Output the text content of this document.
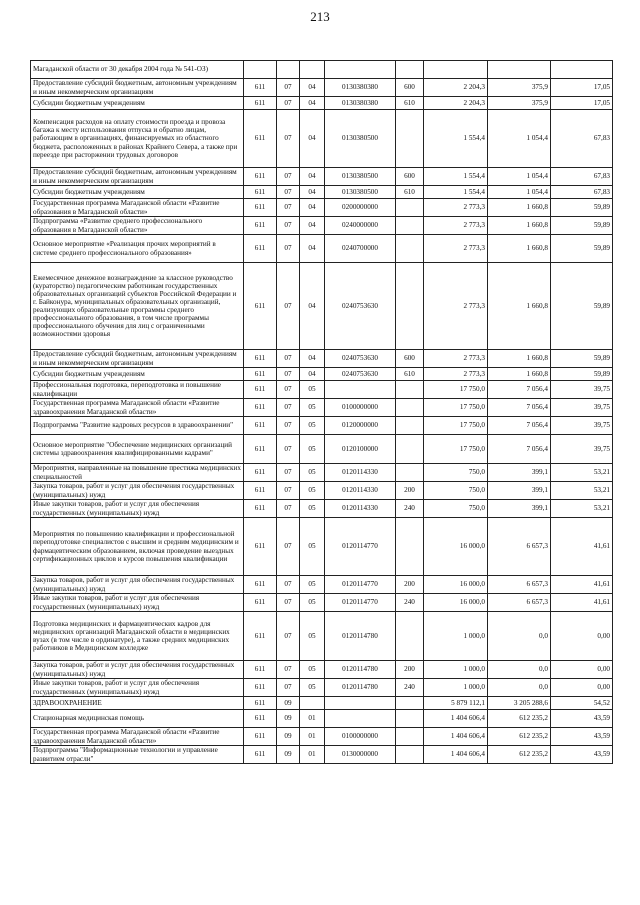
213
Магаданской области от 30 декабря 2004 года № 541-ОЗ)								
Предоставление субсидий бюджетным, автономным учреждениям и иным некоммерческим организациям	611	07	04	0130380380	600	2 204,3	375,9	17,05
Субсидии бюджетным учреждениям	611	07	04	0130380380	610	2 204,3	375,9	17,05
Компенсация расходов на оплату стоимости проезда и провоза багажа к месту использования отпуска и обратно лицам, работающим в организациях, финансируемых из областного бюджета, расположенных в районах Крайнего Севера, а также при переезде при расторжении трудовых договоров	611	07	04	0130380500		1 554,4	1 054,4	67,83
Предоставление субсидий бюджетным, автономным учреждениям и иным некоммерческим организациям	611	07	04	0130380500	600	1 554,4	1 054,4	67,83
Субсидии бюджетным учреждениям	611	07	04	0130380500	610	1 554,4	1 054,4	67,83
Государственная программа Магаданской области «Развитие образования в Магаданской области»	611	07	04	0200000000		2 773,3	1 660,8	59,89
Подпрограмма «Развитие среднего профессионального образования в Магаданской области»	611	07	04	0240000000		2 773,3	1 660,8	59,89
Основное мероприятие «Реализация прочих мероприятий в системе среднего профессионального образования»	611	07	04	0240700000		2 773,3	1 660,8	59,89
Ежемесячное денежное вознаграждение за классное руководство (кураторство) педагогическим работникам государственных образовательных организаций субъектов Российской Федерации и г. Байконура, муниципальных образовательных организаций, реализующих образовательные программы среднего профессионального образования, в том числе программы профессионального обучения для лиц с ограниченными возможностями здоровья	611	07	04	0240753630		2 773,3	1 660,8	59,89
Предоставление субсидий бюджетным, автономным учреждениям и иным некоммерческим организациям	611	07	04	0240753630	600	2 773,3	1 660,8	59,89
Субсидии бюджетным учреждениям	611	07	04	0240753630	610	2 773,3	1 660,8	59,89
Профессиональная подготовка, переподготовка и повышение квалификации	611	07	05			17 750,0	7 056,4	39,75
Государственная программа Магаданской области «Развитие здравоохранения Магаданской области»	611	07	05	0100000000		17 750,0	7 056,4	39,75
Подпрограмма "Развитие кадровых ресурсов в здравоохранении"	611	07	05	0120000000		17 750,0	7 056,4	39,75
Основное мероприятие "Обеспечение медицинских организаций системы здравоохранения квалифицированными кадрами"	611	07	05	0120100000		17 750,0	7 056,4	39,75
Мероприятия, направленные на повышение престижа медицинских специальностей	611	07	05	0120114330		750,0	399,1	53,21
Закупка товаров, работ и услуг для обеспечения государственных (муниципальных) нужд	611	07	05	0120114330	200	750,0	399,1	53,21
Иные закупки товаров, работ и услуг для обеспечения государственных (муниципальных) нужд	611	07	05	0120114330	240	750,0	399,1	53,21
Мероприятия по повышению квалификации и профессиональной переподготовке специалистов с высшим и средним медицинским и фармацевтическим образованием, включая проведение выездных сертификационных циклов и курсов повышения квалификации	611	07	05	0120114770		16 000,0	6 657,3	41,61
Закупка товаров, работ и услуг для обеспечения государственных (муниципальных) нужд	611	07	05	0120114770	200	16 000,0	6 657,3	41,61
Иные закупки товаров, работ и услуг для обеспечения государственных (муниципальных) нужд	611	07	05	0120114770	240	16 000,0	6 657,3	41,61
Подготовка медицинских и фармацевтических кадров для медицинских организаций Магаданской области в медицинских вузах (в том числе в ординатуре), а также средних медицинских работников в Медицинском колледже	611	07	05	0120114780		1 000,0	0,0	0,00
Закупка товаров, работ и услуг для обеспечения государственных (муниципальных) нужд	611	07	05	0120114780	200	1 000,0	0,0	0,00
Иные закупки товаров, работ и услуг для обеспечения государственных (муниципальных) нужд	611	07	05	0120114780	240	1 000,0	0,0	0,00
ЗДРАВООХРАНЕНИЕ	611	09				5 879 112,1	3 205 288,6	54,52
Стационарная медицинская помощь	611	09	01			1 404 606,4	612 235,2	43,59
Государственная программа Магаданской области «Развитие здравоохранения Магаданской области»	611	09	01	0100000000		1 404 606,4	612 235,2	43,59
Подпрограмма "Информационные технологии и управление развитием отрасли"	611	09	01	0130000000		1 404 606,4	612 235,2	43,59
